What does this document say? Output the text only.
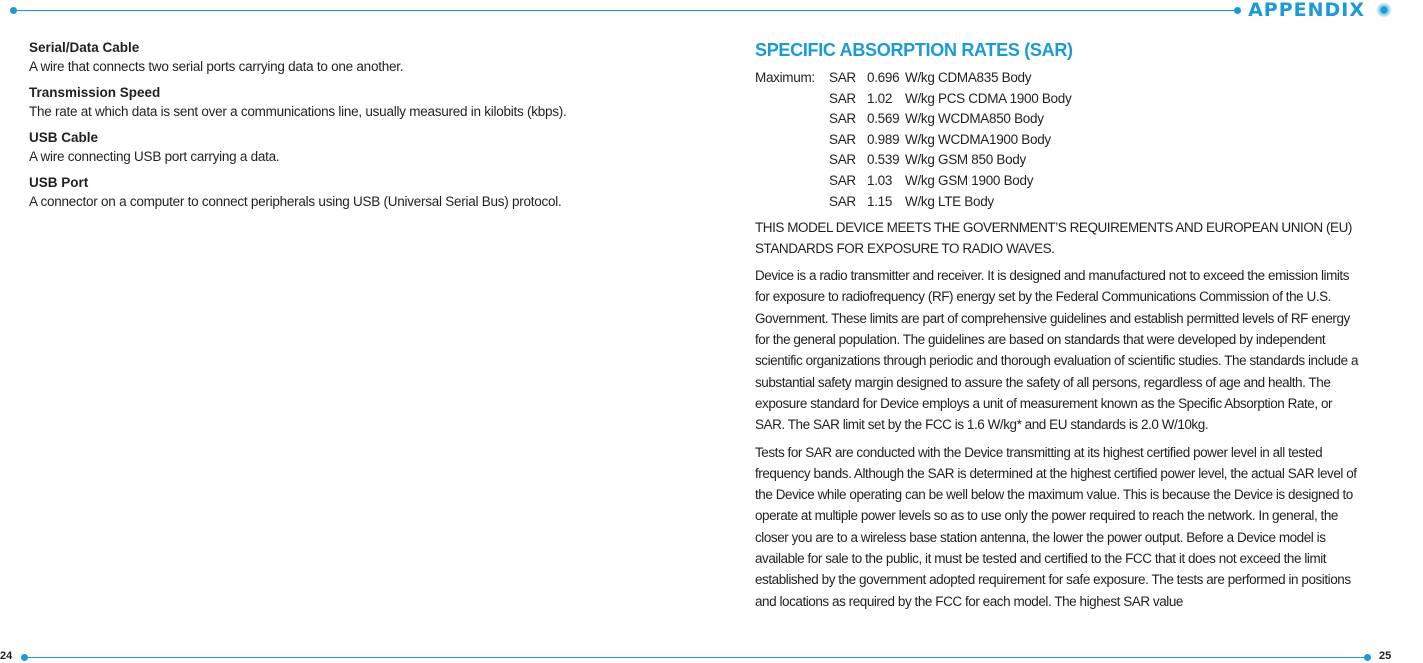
APPENDIX
Serial/Data Cable
A wire that connects two serial ports carrying data to one another.
Transmission Speed
The rate at which data is sent over a communications line, usually measured in kilobits (kbps).
USB Cable
A wire connecting USB port carrying a data.
USB Port
A connector on a computer to connect peripherals using USB (Universal Serial Bus) protocol.
SPECIFIC ABSORPTION RATES (SAR)
Maximum: SAR 0.696 W/kg CDMA835 Body
SAR 1.02 W/kg PCS CDMA 1900 Body
SAR 0.569 W/kg WCDMA850 Body
SAR 0.989 W/kg WCDMA1900 Body
SAR 0.539 W/kg GSM 850 Body
SAR 1.03 W/kg GSM 1900 Body
SAR 1.15 W/kg LTE Body

THIS MODEL DEVICE MEETS THE GOVERNMENT’S REQUIREMENTS AND EUROPEAN UNION (EU) STANDARDS FOR EXPOSURE TO RADIO WAVES.

Device is a radio transmitter and receiver. It is designed and manufactured not to exceed the emission limits for exposure to radiofrequency (RF) energy set by the Federal Communications Commission of the U.S. Government. These limits are part of comprehensive guidelines and establish permitted levels of RF energy for the general population. The guidelines are based on standards that were developed by independent scientific organizations through periodic and thorough evaluation of scientific studies. The standards include a substantial safety margin designed to assure the safety of all persons, regardless of age and health. The exposure standard for Device employs a unit of measurement known as the Specific Absorption Rate, or SAR. The SAR limit set by the FCC is 1.6 W/kg* and EU standards is 2.0 W/10kg.

Tests for SAR are conducted with the Device transmitting at its highest certified power level in all tested frequency bands. Although the SAR is determined at the highest certified power level, the actual SAR level of the Device while operating can be well below the maximum value. This is because the Device is designed to operate at multiple power levels so as to use only the power required to reach the network. In general, the closer you are to a wireless base station antenna, the lower the power output. Before a Device model is available for sale to the public, it must be tested and certified to the FCC that it does not exceed the limit established by the government adopted requirement for safe exposure. The tests are performed in positions and locations as required by the FCC for each model. The highest SAR value

24	25
